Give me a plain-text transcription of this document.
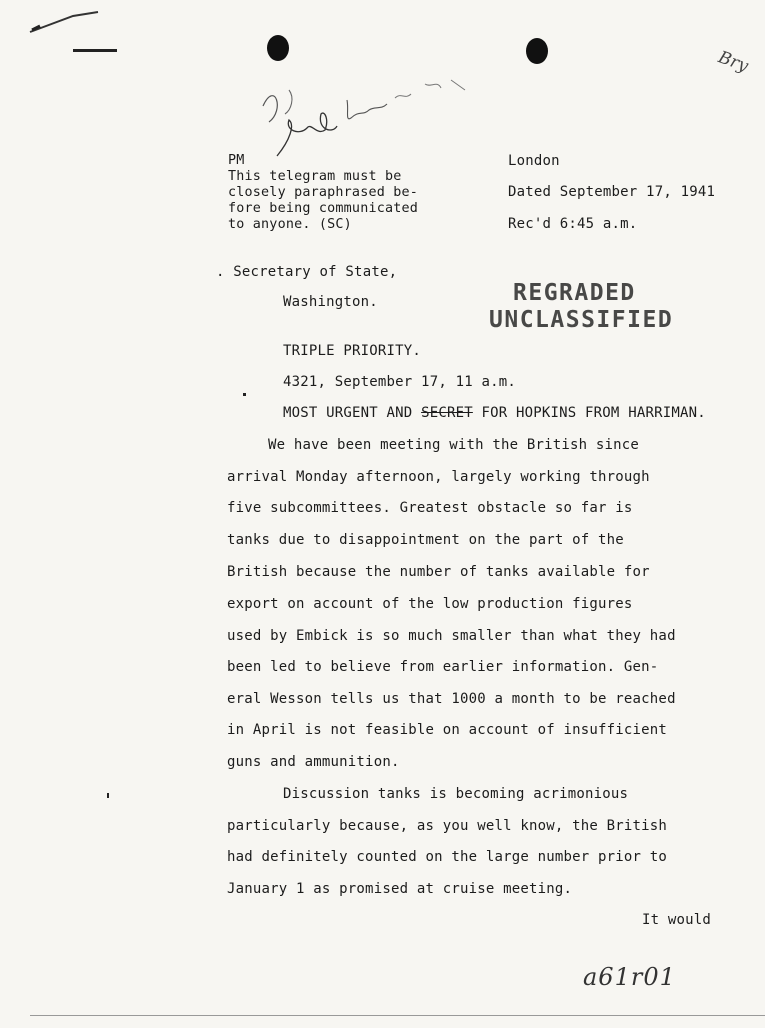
Bry
PM
This telegram must be
closely paraphrased be-
fore being communicated
to anyone. (SC)
London
Dated September 17, 1941
Rec'd 6:45 a.m.
. Secretary of State,
Washington.	REGRADED
UNCLASSIFIED
TRIPLE PRIORITY.
4321, September 17, 11 a.m.
MOST URGENT AND SECRET FOR HOPKINS FROM HARRIMAN.
We have been meeting with the British since
arrival Monday afternoon, largely working through
five subcommittees. Greatest obstacle so far is
tanks due to disappointment on the part of the
British because the number of tanks available for
export on account of the low production figures
used by Embick is so much smaller than what they had
been led to believe from earlier information. Gen-
eral Wesson tells us that 1000 a month to be reached
in April is not feasible on account of insufficient
guns and ammunition.
Discussion tanks is becoming acrimonious
particularly because, as you well know, the British
had definitely counted on the large number prior to
January 1 as promised at cruise meeting.
It would
a61r01
